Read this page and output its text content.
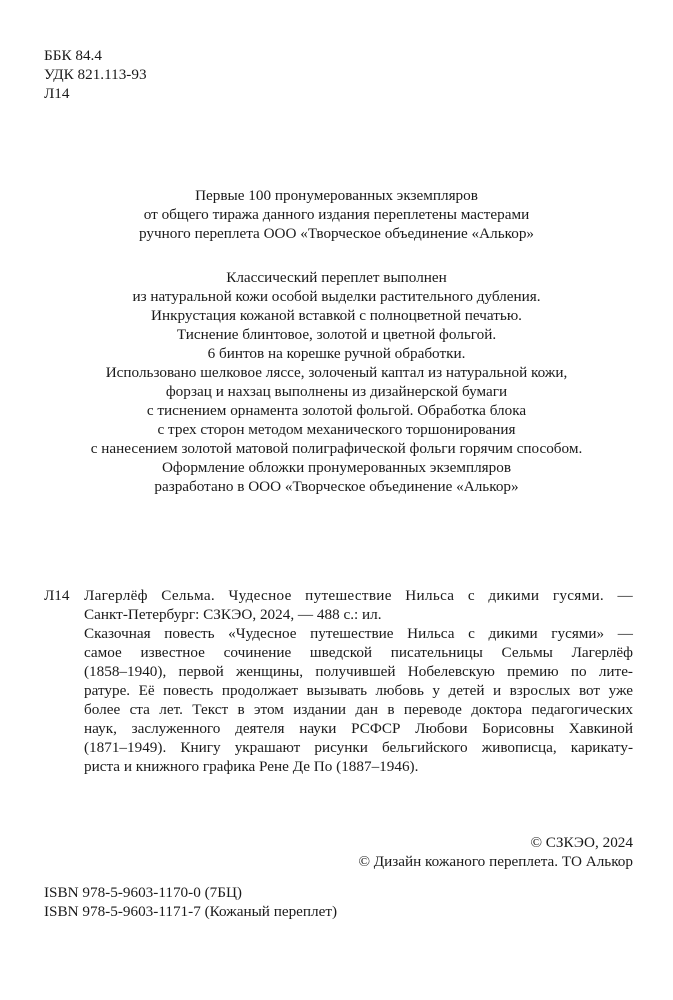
ББК 84.4
УДК 821.113-93
Л14
Первые 100 пронумерованных экземпляров
от общего тиража данного издания переплетены мастерами
ручного переплета ООО «Творческое объединение «Алькор»
Классический переплет выполнен
из натуральной кожи особой выделки растительного дубления.
Инкрустация кожаной вставкой с полноцветной печатью.
Тиснение блинтовое, золотой и цветной фольгой.
6 бинтов на корешке ручной обработки.
Использовано шелковое ляссе, золоченый каптал из натуральной кожи,
форзац и нахзац выполнены из дизайнерской бумаги
с тиснением орнамента золотой фольгой. Обработка блока
с трех сторон методом механического торшонирования
с нанесением золотой матовой полиграфической фольги горячим способом.
Оформление обложки пронумерованных экземпляров
разработано в ООО «Творческое объединение «Алькор»
Л14 Лагерлёф Сельма. Чудесное путешествие Нильса с дикими гусями. —
Санкт-Петербург: СЗКЭО, 2024, — 488 с.: ил.
Сказочная повесть «Чудесное путешествие Нильса с дикими гусями» —
самое известное сочинение шведской писательницы Сельмы Лагерлёф
(1858–1940), первой женщины, получившей Нобелевскую премию по лите-
ратуре. Её повесть продолжает вызывать любовь у детей и взрослых вот уже
более ста лет. Текст в этом издании дан в переводе доктора педагогических
наук, заслуженного деятеля науки РСФСР Любови Борисовны Хавкиной
(1871–1949). Книгу украшают рисунки бельгийского живописца, карикату-
риста и книжного графика Рене Де По (1887–1946).
© СЗКЭО, 2024
© Дизайн кожаного переплета. ТО Алькор
ISBN 978-5-9603-1170-0 (7БЦ)
ISBN 978-5-9603-1171-7 (Кожаный переплет)
